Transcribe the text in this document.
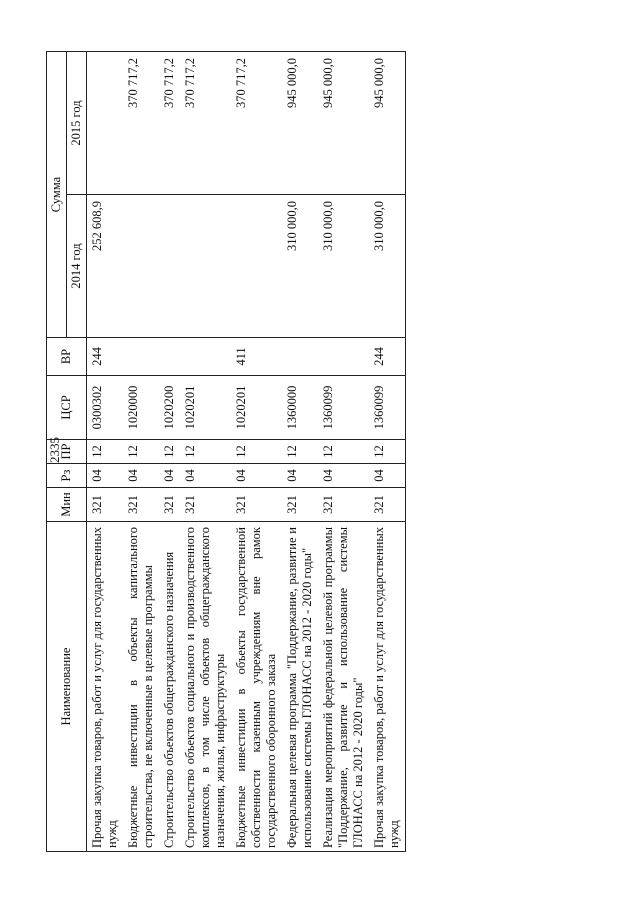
2335
Наименование	Мин	Рз	ПР	ЦСР	ВР	Сумма	
						2014 год	2015 год
Прочая закупка товаров, работ и услуг для государственных нужд	321	04	12	0300302	244	252 608,9	
Бюджетные инвестиции в объекты капитального строительства, не включенные в целевые программы	321	04	12	1020000			370 717,2
Строительство объектов общегражданского назначения	321	04	12	1020200			370 717,2
Строительство объектов социального и производственного комплексов, в том числе объектов общегражданского назначения, жилья, инфраструктуры	321	04	12	1020201			370 717,2
Бюджетные инвестиции в объекты государственной собственности казенным учреждениям вне рамок государственного оборонного заказа	321	04	12	1020201	411		370 717,2
Федеральная целевая программа "Поддержание, развитие и использование системы ГЛОНАСС на 2012 - 2020 годы"	321	04	12	1360000		310 000,0	945 000,0
Реализация мероприятий федеральной целевой программы "Поддержание, развитие и использование системы ГЛОНАСС на 2012 - 2020 годы"	321	04	12	1360099		310 000,0	945 000,0
Прочая закупка товаров, работ и услуг для государственных нужд	321	04	12	1360099	244	310 000,0	945 000,0
